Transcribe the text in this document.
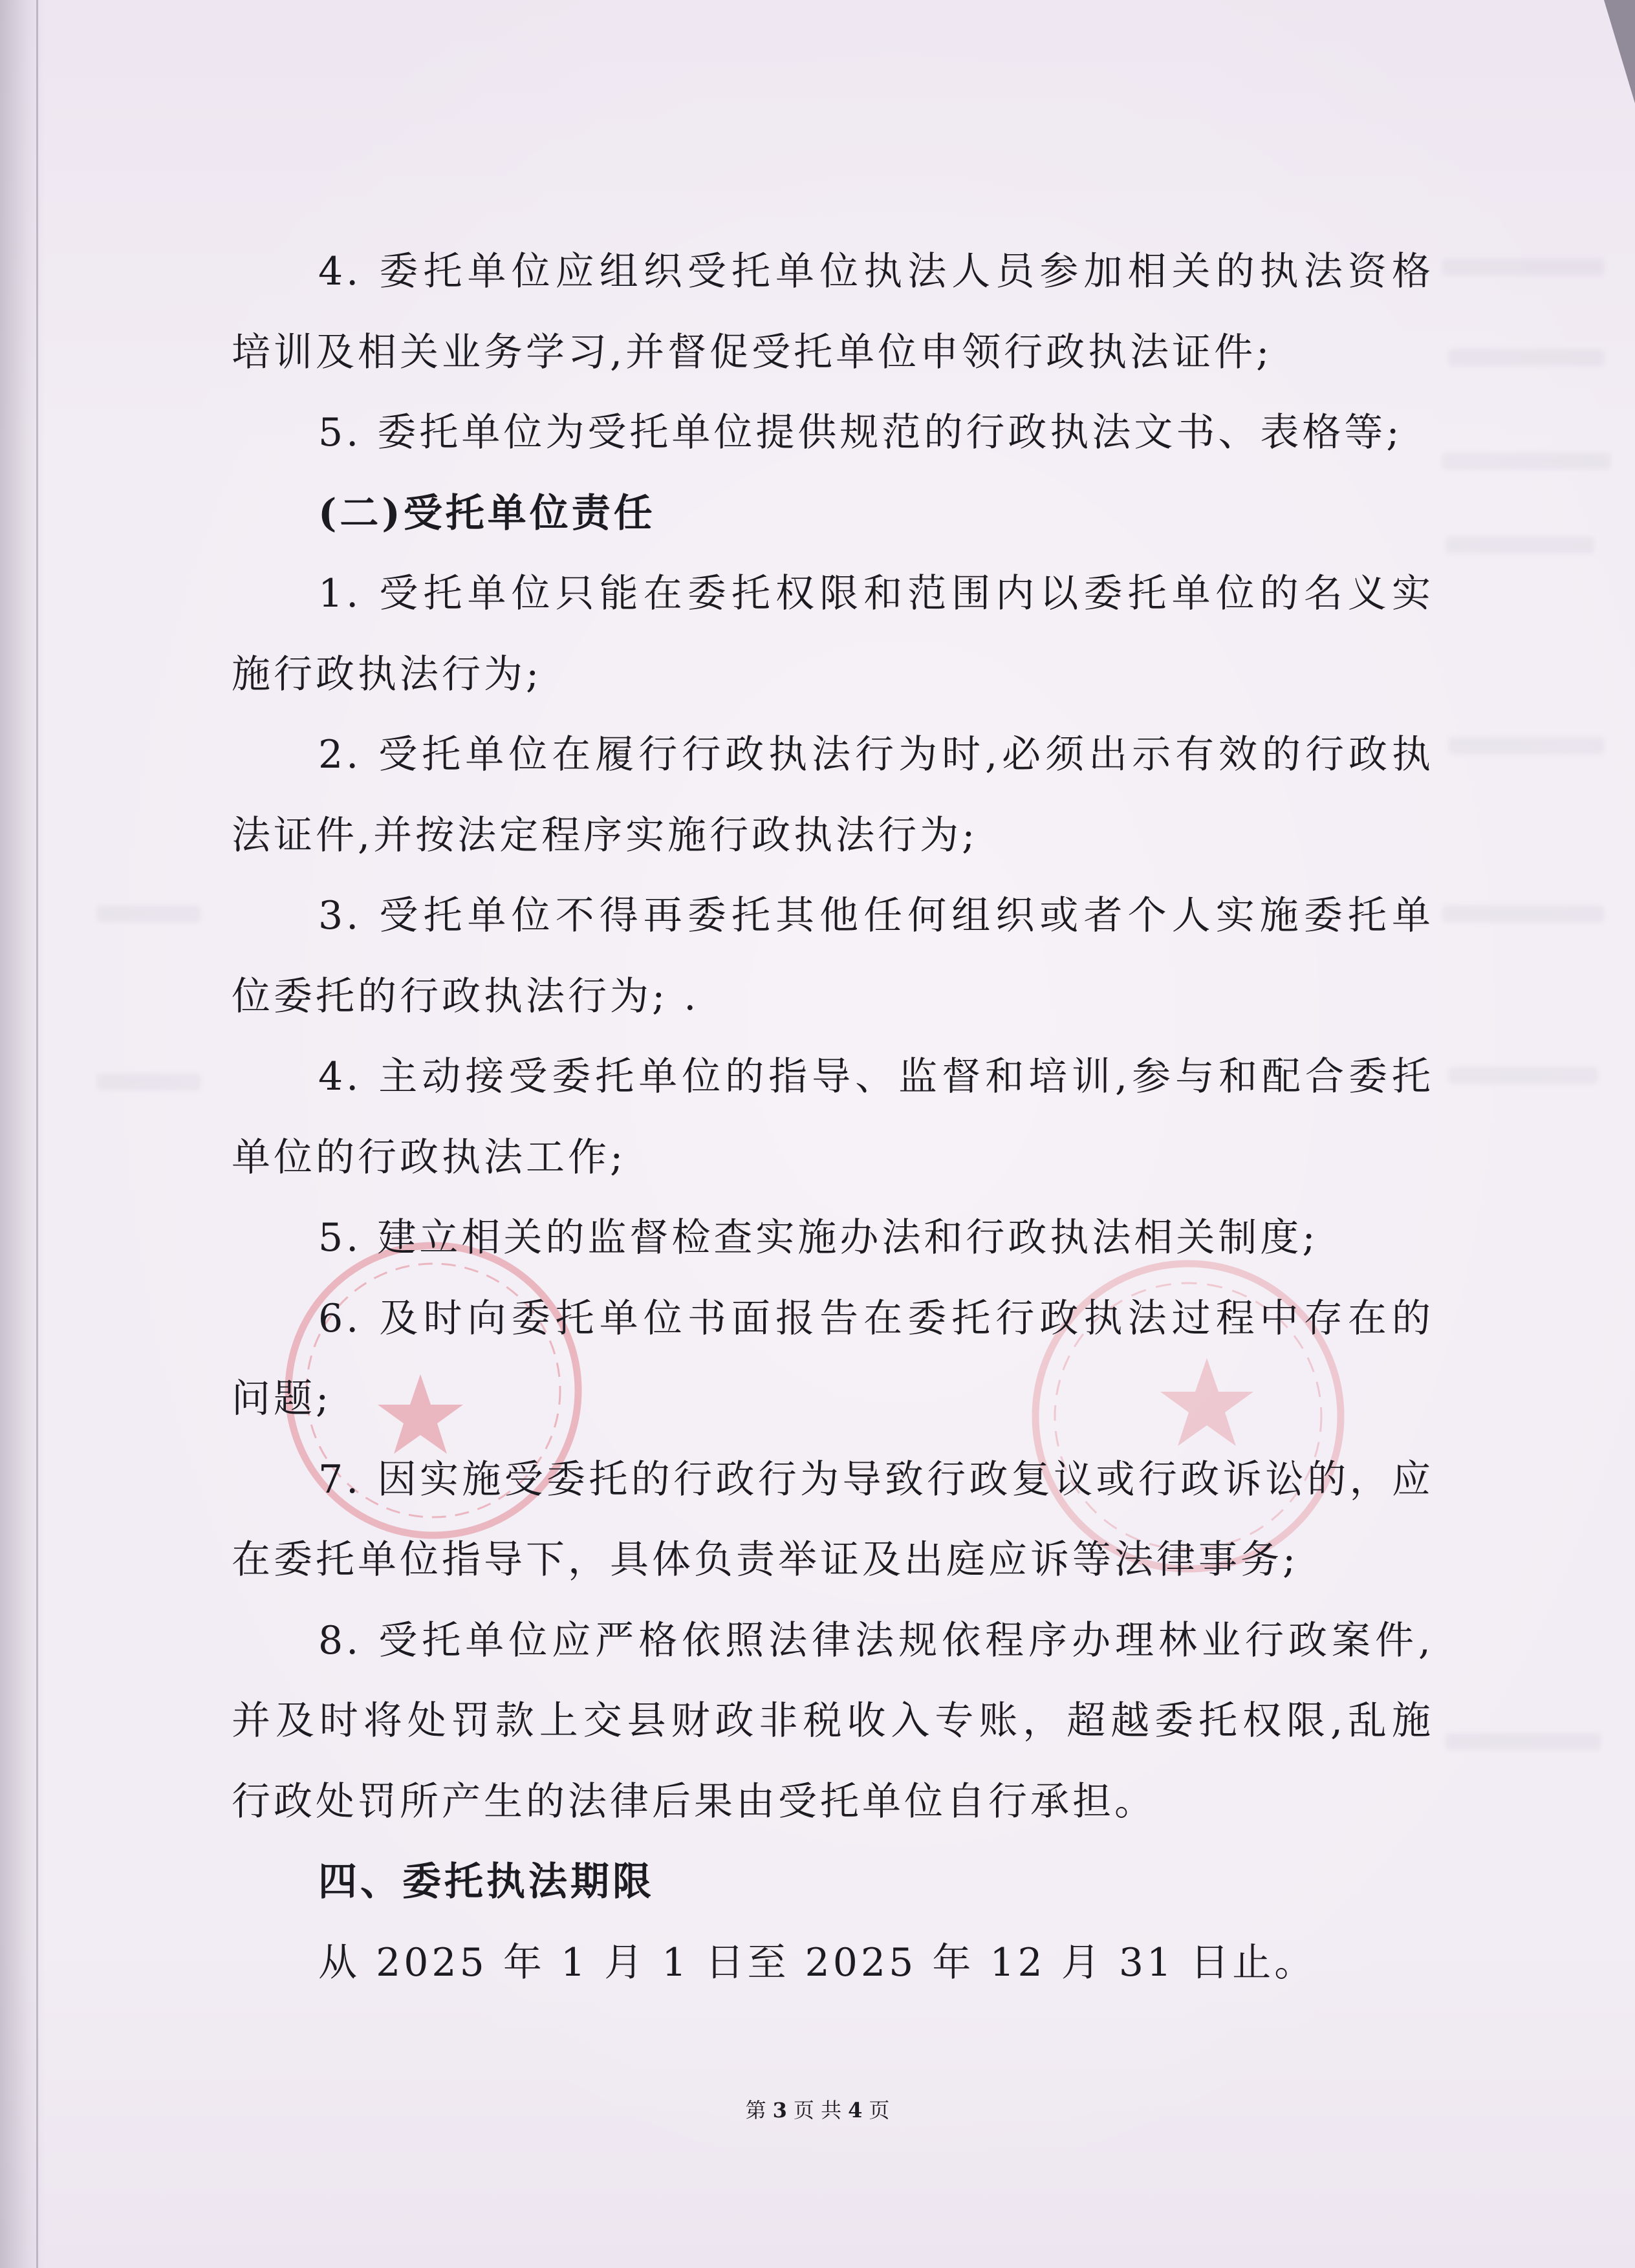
4. 委托单位应组织受托单位执法人员参加相关的执法资格
培训及相关业务学习,并督促受托单位申领行政执法证件;
5. 委托单位为受托单位提供规范的行政执法文书、表格等;
(二)受托单位责任
1. 受托单位只能在委托权限和范围内以委托单位的名义实
施行政执法行为;
2. 受托单位在履行行政执法行为时,必须出示有效的行政执
法证件,并按法定程序实施行政执法行为;
3. 受托单位不得再委托其他任何组织或者个人实施委托单
位委托的行政执法行为; .
4. 主动接受委托单位的指导、监督和培训,参与和配合委托
单位的行政执法工作;
5. 建立相关的监督检查实施办法和行政执法相关制度;
6. 及时向委托单位书面报告在委托行政执法过程中存在的
问题;
7. 因实施受委托的行政行为导致行政复议或行政诉讼的，应
在委托单位指导下，具体负责举证及出庭应诉等法律事务;
8. 受托单位应严格依照法律法规依程序办理林业行政案件,
并及时将处罚款上交县财政非税收入专账，超越委托权限,乱施
行政处罚所产生的法律后果由受托单位自行承担。
四、委托执法期限
从 2025 年 1 月 1 日至 2025 年 12 月 31 日止。
第 3 页 共 4 页
